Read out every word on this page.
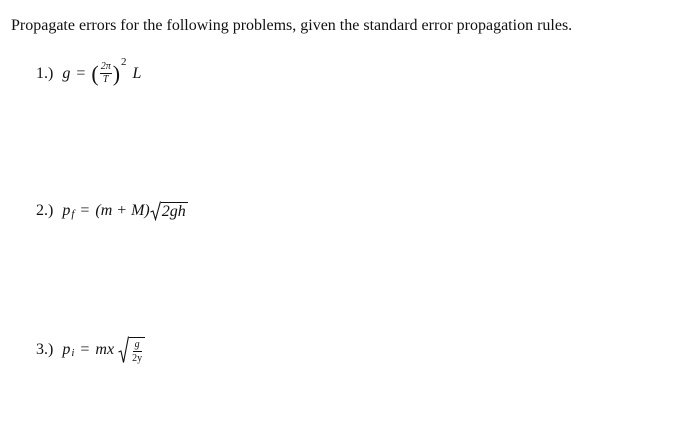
Propagate errors for the following problems, given the standard error propagation rules.
1.) g = ( $\frac{2\pi}{T}$ ) 2
L
2.) $p_f = (m + M)$ 2gh
3.) $p_i$ = mx $\frac{g}{2y}$
